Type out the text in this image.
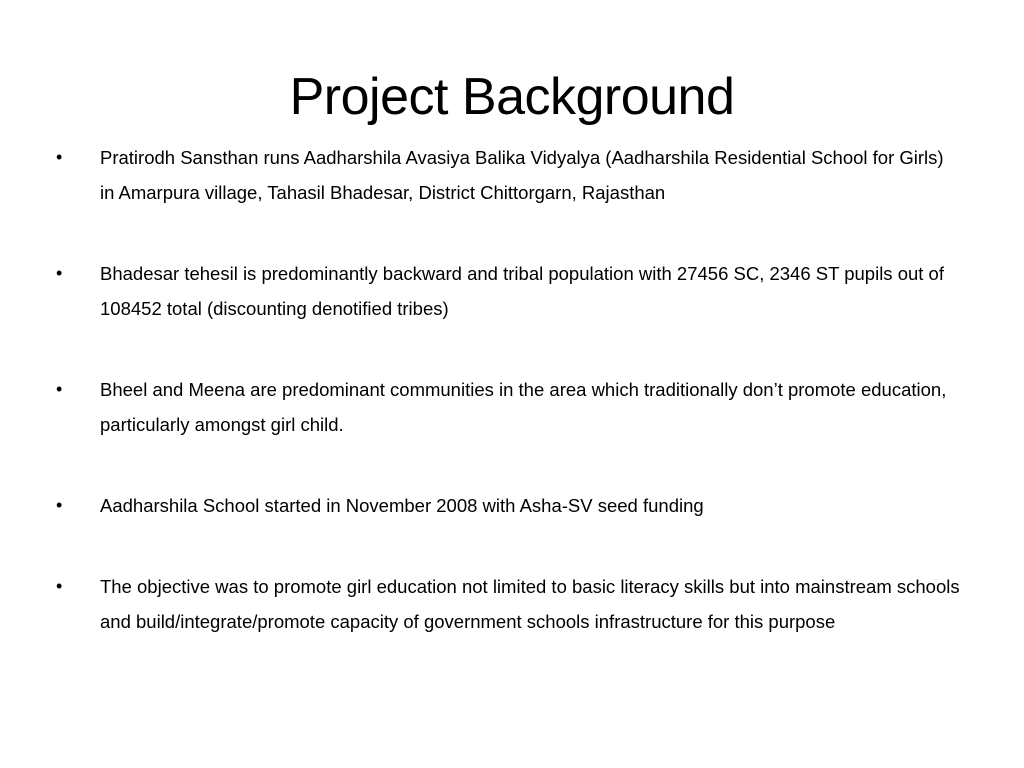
Project Background
• Pratirodh Sansthan runs Aadharshila Avasiya Balika Vidyalya (Aadharshila Residential School for Girls) in Amarpura village, Tahasil Bhadesar, District Chittorgarn, Rajasthan
• Bhadesar tehesil is predominantly backward and tribal population with 27456 SC, 2346 ST pupils out of 108452 total (discounting denotified tribes)
• Bheel and Meena are predominant communities in the area which traditionally don’t promote education, particularly amongst girl child.
• Aadharshila School started in November 2008 with Asha-SV seed funding
• The objective was to promote girl education not limited to basic literacy skills but into mainstream schools and build/integrate/promote capacity of government schools infrastructure for this purpose
